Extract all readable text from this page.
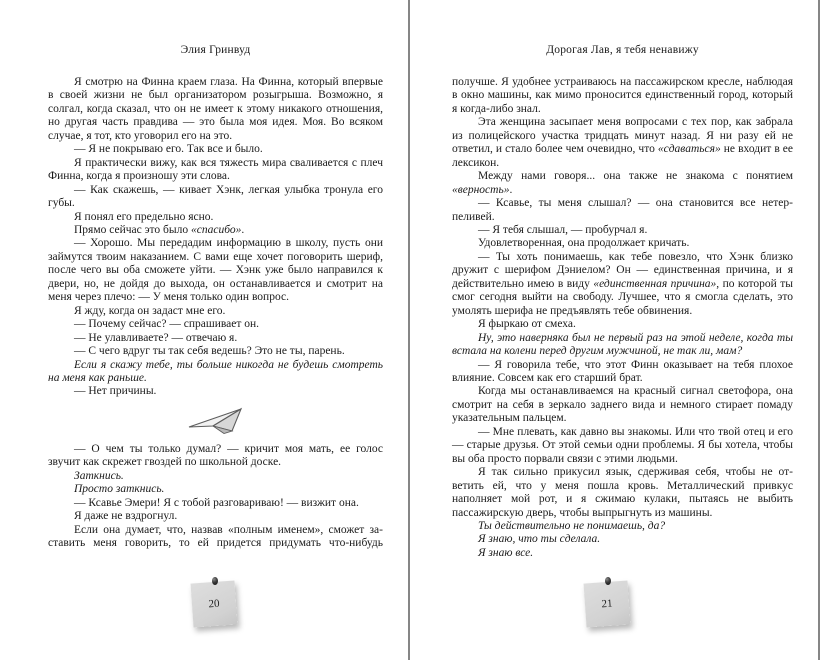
Элия Гринвуд

Я смотрю на Финна краем глаза. На Финна, который впервые в своей жизни не был организатором розыгрыша. Возможно, я солгал, когда сказал, что он не имеет к этому никакого отношения, но другая часть правдива — это была моя идея. Моя. Во всяком случае, я тот, кто уговорил его на это.

— Я не покрываю его. Так все и было.

Я практически вижу, как вся тяжесть мира сваливается с плеч Финна, когда я произношу эти слова.

— Как скажешь, — кивает Хэнк, легкая улыбка тронула его губы.

Я понял его предельно ясно.

Прямо сейчас это было «спасибо».

— Хорошо. Мы передадим информацию в школу, пусть они займутся твоим наказанием. С вами еще хочет поговорить шериф, после чего вы оба сможете уйти. — Хэнк уже было направился к двери, но, не дойдя до выхода, он останавливается и смотрит на меня через плечо: — У меня только один вопрос.

Я жду, когда он задаст мне его.

— Почему сейчас? — спрашивает он.

— Не улавливаете? — отвечаю я.

— С чего вдруг ты так себя ведешь? Это не ты, парень.

Если я скажу тебе, ты больше никогда не будешь смотреть на меня как раньше.

— Нет причины.

— О чем ты только думал? — кричит моя мать, ее голос звучит как скрежет гвоздей по школьной доске.

Заткнись.

Просто заткнись.

— Ксавье Эмери! Я с тобой разговариваю! — визжит она.

Я даже не вздрогнул.

Если она думает, что, назвав «полным именем», сможет заставить меня говорить, то ей придется придумать что-нибудь

20
Дорогая Лав, я тебя ненавижу

получше. Я удобнее устраиваюсь на пассажирском кресле, наблюдая в окно машины, как мимо проносится единственный город, который я когда-либо знал.

Эта женщина засыпает меня вопросами с тех пор, как забрала из полицейского участка тридцать минут назад. Я ни разу ей не ответил, и стало более чем очевидно, что «сдаваться» не входит в ее лексикон.

Между нами говоря... она также не знакома с понятием «верность».

— Ксавье, ты меня слышал? — она становится все нетерпеливей.

— Я тебя слышал, — пробурчал я.

Удовлетворенная, она продолжает кричать.

— Ты хоть понимаешь, как тебе повезло, что Хэнк близко дружит с шерифом Дэниелом? Он — единственная причина, и я действительно имею в виду «единственная причина», по которой ты смог сегодня выйти на свободу. Лучшее, что я смогла сделать, это умолять шерифа не предъявлять тебе обвинения.

Я фыркаю от смеха.

Ну, это наверняка был не первый раз на этой неделе, когда ты встала на колени перед другим мужчиной, не так ли, мам?

— Я говорила тебе, что этот Финн оказывает на тебя плохое влияние. Совсем как его старший брат.

Когда мы останавливаемся на красный сигнал светофора, она смотрит на себя в зеркало заднего вида и немного стирает помаду указательным пальцем.

— Мне плевать, как давно вы знакомы. Или что твой отец и его — старые друзья. От этой семьи одни проблемы. Я бы хотела, чтобы вы оба просто порвали связи с этими людьми.

Я так сильно прикусил язык, сдерживая себя, чтобы не ответить ей, что у меня пошла кровь. Металлический привкус наполняет мой рот, и я сжимаю кулаки, пытаясь не выбить пассажирскую дверь, чтобы выпрыгнуть из машины.

Ты действительно не понимаешь, да?

Я знаю, что ты сделала.

Я знаю все.

21
